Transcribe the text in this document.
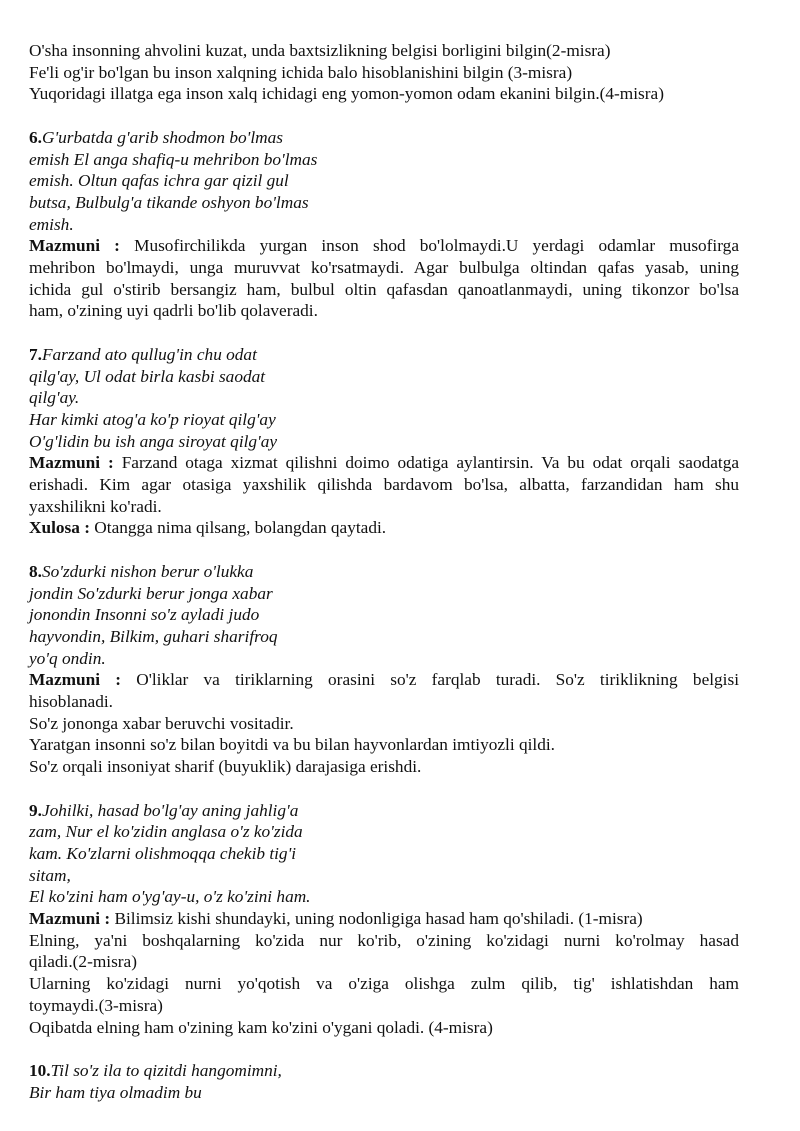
O'sha insonning ahvolini kuzat, unda baxtsizlikning belgisi borligini bilgin(2-misra)
Fe'li og'ir bo'lgan bu inson xalqning ichida balo hisoblanishini bilgin (3-misra)
Yuqoridagi illatga ega inson xalq ichidagi eng yomon-yomon odam ekanini bilgin.(4-misra)
6.G'urbatda g'arib shodmon bo'lmas
emish El anga shafiq-u mehribon bo'lmas
emish. Oltun qafas ichra gar qizil gul
butsa, Bulbulg'a tikande oshyon bo'lmas
emish.
Mazmuni : Musofirchilikda yurgan inson shod bo'lolmaydi.U yerdagi odamlar musofirga
mehribon bo'lmaydi, unga muruvvat ko'rsatmaydi. Agar bulbulga oltindan qafas yasab, uning
ichida gul o'stirib bersangiz ham, bulbul oltin qafasdan qanoatlanmaydi, uning tikonzor bo'lsa
ham, o'zining uyi qadrli bo'lib qolaveradi.
7.Farzand ato qullug'in chu odat
qilg'ay, Ul odat birla kasbi saodat
qilg'ay.
Har kimki atog'a ko'p rioyat qilg'ay
O'g'lidin bu ish anga siroyat qilg'ay
Mazmuni : Farzand otaga xizmat qilishni doimo odatiga aylantirsin. Va bu odat orqali saodatga
erishadi. Kim agar otasiga yaxshilik qilishda bardavom bo'lsa, albatta, farzandidan ham shu
yaxshilikni ko'radi.
Xulosa : Otangga nima qilsang, bolangdan qaytadi.
8.So'zdurki nishon berur o'lukka
jondin So'zdurki berur jonga xabar
jonondin Insonni so'z ayladi judo
hayvondin, Bilkim, guhari sharifroq
yo'q ondin.
Mazmuni : O'liklar va tiriklarning orasini so'z farqlab turadi. So'z tiriklikning belgisi
hisoblanadi.
So'z jononga xabar beruvchi vositadir.
Yaratgan insonni so'z bilan boyitdi va bu bilan hayvonlardan imtiyozli qildi.
So'z orqali insoniyat sharif (buyuklik) darajasiga erishdi.
9.Johilki, hasad bo'lg'ay aning jahlig'a
zam, Nur el ko'zidin anglasa o'z ko'zida
kam. Ko'zlarni olishmoqqa chekib tig'i
sitam,
El ko'zini ham o'yg'ay-u, o'z ko'zini ham.
Mazmuni : Bilimsiz kishi shundayki, uning nodonligiga hasad ham qo'shiladi. (1-misra)
Elning, ya'ni boshqalarning ko'zida nur ko'rib, o'zining ko'zidagi nurni ko'rolmay hasad
qiladi.(2-misra)
Ularning ko'zidagi nurni yo'qotish va o'ziga olishga zulm qilib, tig' ishlatishdan ham
toymaydi.(3-misra)
Oqibatda elning ham o'zining kam ko'zini o'ygani qoladi. (4-misra)
10.Til so'z ila to qizitdi hangomimni,
Bir ham tiya olmadim bu
